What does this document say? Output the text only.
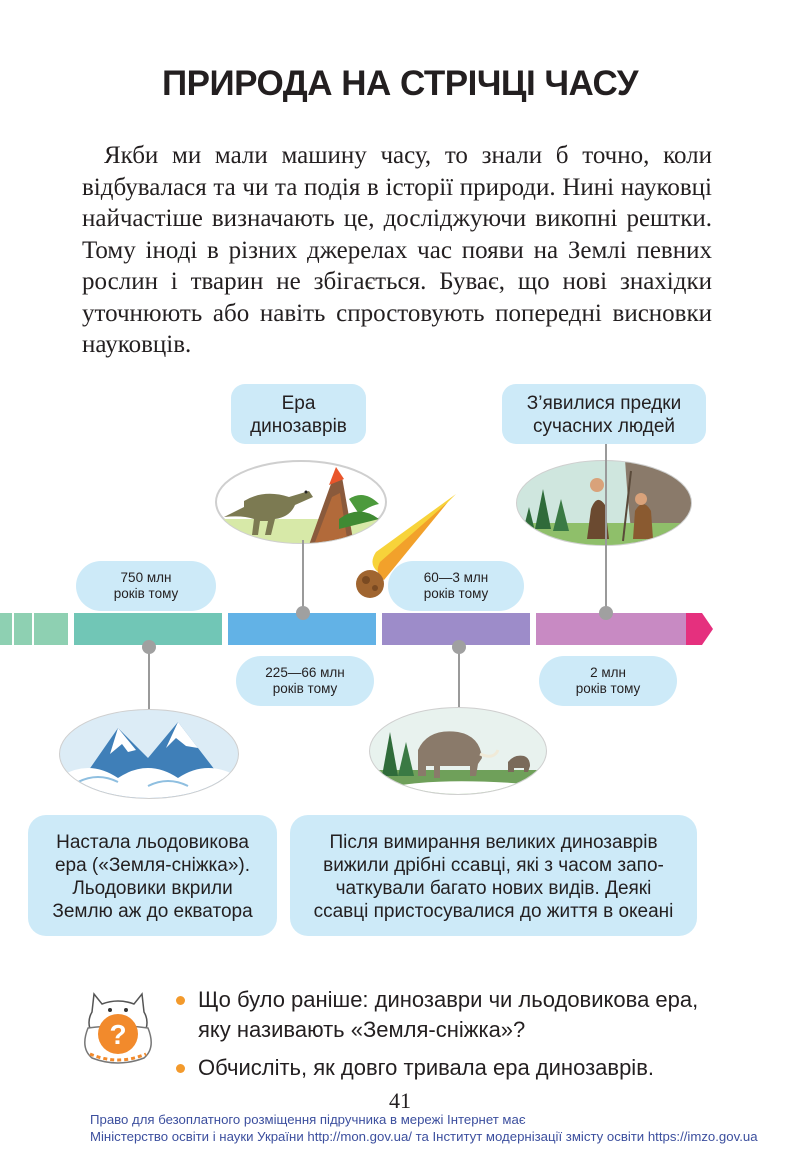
ПРИРОДА НА СТРІЧЦІ ЧАСУ

Якби ми мали машину часу, то знали б точно, коли відбувалася та чи та подія в історії природи. Нині науковці найчастіше визначають це, досліджуючи викопні рештки. Тому іноді в різних джерелах час появи на Землі певних рослин і тварин не збігається. Буває, що нові знахідки уточнюють або навіть спростовують попередні висновки науковців.

Ера
динозаврів
З’явилися предки
сучасних людей
750 млн
років тому
60—3 млн
років тому
225—66 млн
років тому
2 млн
років тому
Настала льодовикова
ера («Земля-сніжка»).
Льодовики вкрили
Землю аж до екватора
Після вимирання великих динозаврів
вижили дрібні ссавці, які з часом запо-
чаткували багато нових видів. Деякі
ссавці пристосувалися до життя в океані
?
Що було раніше: динозаври чи льодовикова ера,
яку називають «Земля-сніжка»?
Обчисліть, як довго тривала ера динозаврів.
41
Право для безоплатного розміщення підручника в мережі Інтернет має
Міністерство освіти і науки України http://mon.gov.ua/ та Інститут модернізації змісту освіти https://imzo.gov.ua
